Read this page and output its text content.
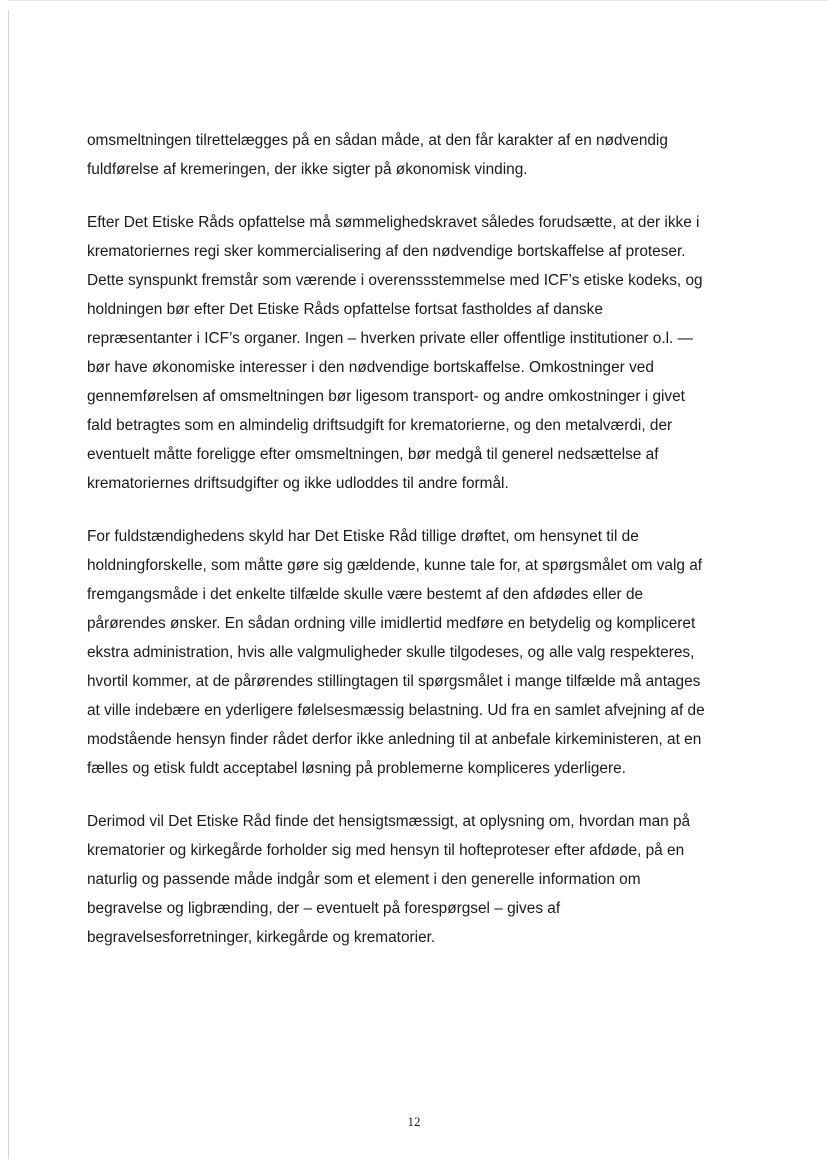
omsmeltningen tilrettelægges på en sådan måde, at den får karakter af en nødvendig
fuldførelse af kremeringen, der ikke sigter på økonomisk vinding.
Efter Det Etiske Råds opfattelse må sømmelighedskravet således forudsætte, at der ikke i
krematoriernes regi sker kommercialisering af den nødvendige bortskaffelse af proteser.
Dette synspunkt fremstår som værende i overenssstemmelse med ICF’s etiske kodeks, og
holdningen bør efter Det Etiske Råds opfattelse fortsat fastholdes af danske
repræsentanter i ICF’s organer. Ingen – hverken private eller offentlige institutioner o.l. —
bør have økonomiske interesser i den nødvendige bortskaffelse. Omkostninger ved
gennemførelsen af omsmeltningen bør ligesom transport- og andre omkostninger i givet
fald betragtes som en almindelig driftsudgift for krematorierne, og den metalværdi, der
eventuelt måtte foreligge efter omsmeltningen, bør medgå til generel nedsættelse af
krematoriernes driftsudgifter og ikke udloddes til andre formål.
For fuldstændighedens skyld har Det Etiske Råd tillige drøftet, om hensynet til de
holdningforskelle, som måtte gøre sig gældende, kunne tale for, at spørgsmålet om valg af
fremgangsmåde i det enkelte tilfælde skulle være bestemt af den afdødes eller de
pårørendes ønsker. En sådan ordning ville imidlertid medføre en betydelig og kompliceret
ekstra administration, hvis alle valgmuligheder skulle tilgodeses, og alle valg respekteres,
hvortil kommer, at de pårørendes stillingtagen til spørgsmålet i mange tilfælde må antages
at ville indebære en yderligere følelsesmæssig belastning. Ud fra en samlet afvejning af de
modstående hensyn finder rådet derfor ikke anledning til at anbefale kirkeministeren, at en
fælles og etisk fuldt acceptabel løsning på problemerne kompliceres yderligere.
Derimod vil Det Etiske Råd finde det hensigtsmæssigt, at oplysning om, hvordan man på
krematorier og kirkegårde forholder sig med hensyn til hofteproteser efter afdøde, på en
naturlig og passende måde indgår som et element i den generelle information om
begravelse og ligbrænding, der – eventuelt på forespørgsel – gives af
begravelsesforretninger, kirkegårde og krematorier.
12
